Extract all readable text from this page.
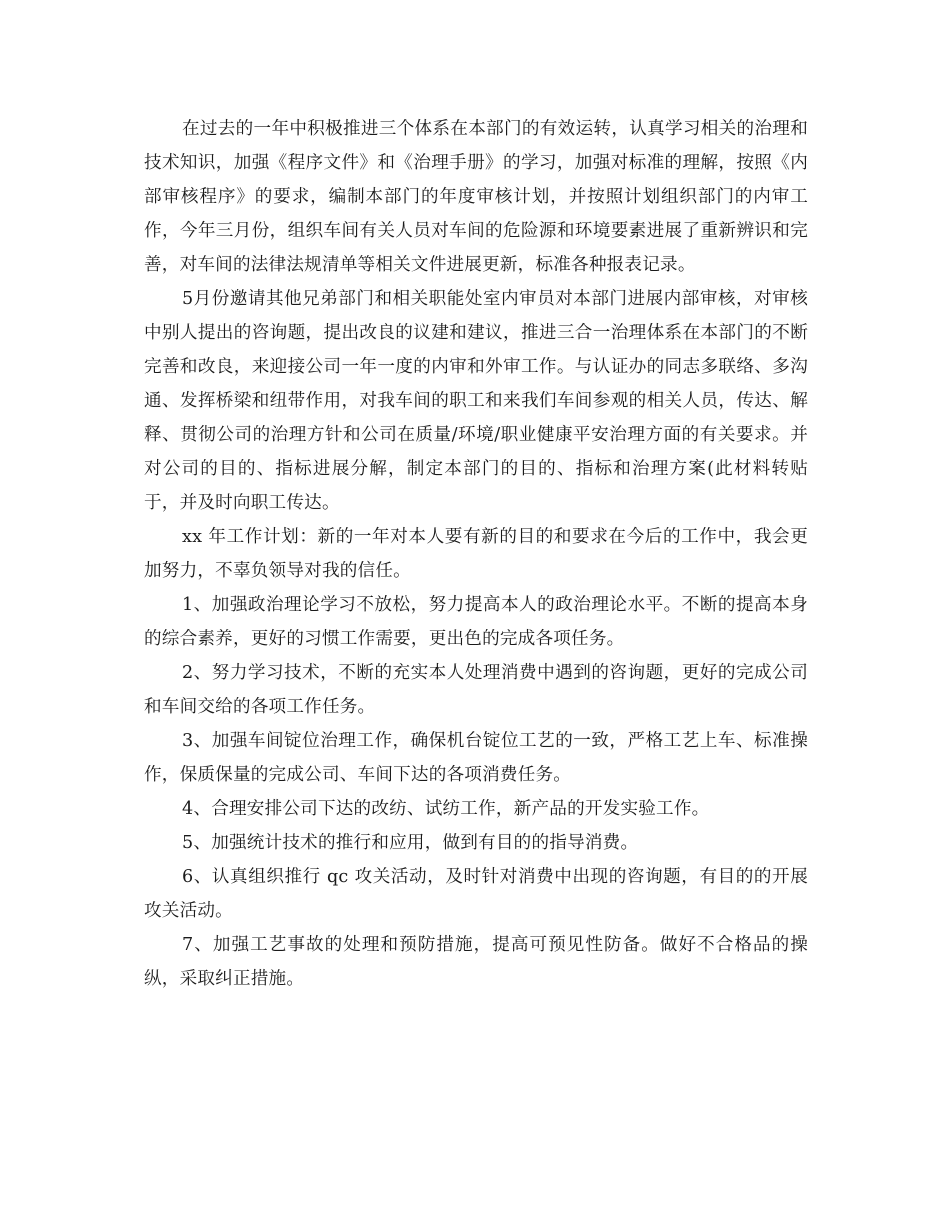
在过去的一年中积极推进三个体系在本部门的有效运转，认真学习相关的治理和技术知识，加强《程序文件》和《治理手册》的学习，加强对标准的理解，按照《内部审核程序》的要求，编制本部门的年度审核计划，并按照计划组织部门的内审工作，今年三月份，组织车间有关人员对车间的危险源和环境要素进展了重新辨识和完善，对车间的法律法规清单等相关文件进展更新，标准各种报表记录。

5月份邀请其他兄弟部门和相关职能处室内审员对本部门进展内部审核，对审核中别人提出的咨询题，提出改良的议建和建议，推进三合一治理体系在本部门的不断完善和改良，来迎接公司一年一度的内审和外审工作。与认证办的同志多联络、多沟通、发挥桥梁和纽带作用，对我车间的职工和来我们车间参观的相关人员，传达、解释、贯彻公司的治理方针和公司在质量/环境/职业健康平安治理方面的有关要求。并对公司的目的、指标进展分解，制定本部门的目的、指标和治理方案(此材料转贴于，并及时向职工传达。

xx 年工作计划：新的一年对本人要有新的目的和要求在今后的工作中，我会更加努力，不辜负领导对我的信任。

1、加强政治理论学习不放松，努力提高本人的政治理论水平。不断的提高本身的综合素养，更好的习惯工作需要，更出色的完成各项任务。

2、努力学习技术，不断的充实本人处理消费中遇到的咨询题，更好的完成公司和车间交给的各项工作任务。

3、加强车间锭位治理工作，确保机台锭位工艺的一致，严格工艺上车、标准操作，保质保量的完成公司、车间下达的各项消费任务。

4、合理安排公司下达的改纺、试纺工作，新产品的开发实验工作。

5、加强统计技术的推行和应用，做到有目的的指导消费。

6、认真组织推行 qc 攻关活动，及时针对消费中出现的咨询题，有目的的开展攻关活动。

7、加强工艺事故的处理和预防措施，提高可预见性防备。做好不合格品的操纵，采取纠正措施。
